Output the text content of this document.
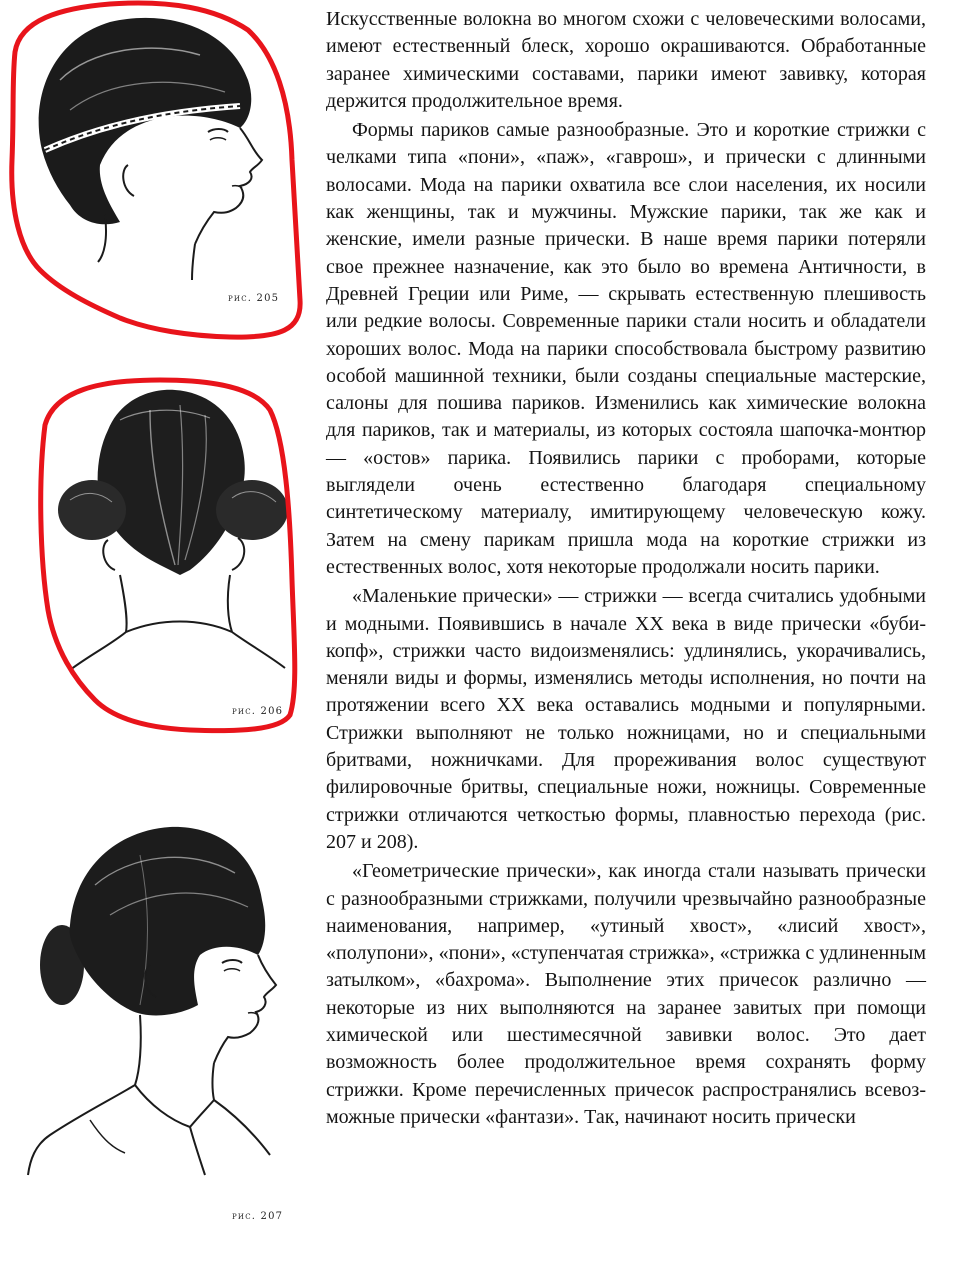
рис. 205
рис. 206
рис. 207

Искусственные волокна во многом схожи с человеческими волосами, имеют естественный блеск, хорошо окрашиваются. Обработанные заранее химическими составами, парики имеют завивку, которая держится продолжительное время.

Формы париков самые разнообразные. Это и короткие стрижки с челками типа «пони», «паж», «гаврош», и прически с длинными волосами. Мода на парики охватила все слои населения, их носили как женщины, так и мужчины. Мужские парики, так же как и женские, имели разные прически. В наше время парики потеряли свое прежнее назначение, как это было во времена Античности, в Древней Греции или Риме, — скрывать естественную плешивость или редкие волосы. Современные парики стали носить и обладатели хороших волос. Мода на парики способствовала быстрому развитию особой машинной техники, были созданы специальные мастерские, салоны для пошива париков. Изменились как химические волокна для париков, так и материалы, из которых состояла шапочка-монтюр — «остов» парика. Появились парики с проборами, которые выглядели очень естественно благодаря специальному синтетическому материалу, имитирующему человеческую кожу. Затем на смену парикам пришла мода на короткие стрижки из естественных волос, хотя некоторые продолжали носить парики.

«Маленькие прически» — стрижки — всегда считались удобными и модными. Появившись в начале XX века в виде прически «буби-копф», стрижки часто видоизменялись: удлинялись, укорачивались, меняли виды и формы, изменялись методы исполнения, но почти на протяжении всего XX века оставались модными и популярными. Стрижки выполняют не только ножницами, но и специальными бритвами, ножничками. Для прореживания волос существуют филировочные бритвы, специальные ножи, ножницы. Современные стрижки отличаются четкостью формы, плавностью перехода (рис. 207 и 208).

«Геометрические прически», как иногда стали называть прически с разнообразными стрижками, получили чрезвычайно разнообразные наименования, например, «утиный хвост», «лисий хвост», «полупони», «пони», «ступенчатая стрижка», «стрижка с удлиненным затылком», «бахрома». Выполнение этих причесок различно — некоторые из них выполняются на заранее завитых при помощи химической или шестимесячной завивки волос. Это дает возможность более продолжительное время сохранять форму стрижки. Кроме перечисленных причесок распространялись всевозможные прически «фантази». Так, начинают носить прически
